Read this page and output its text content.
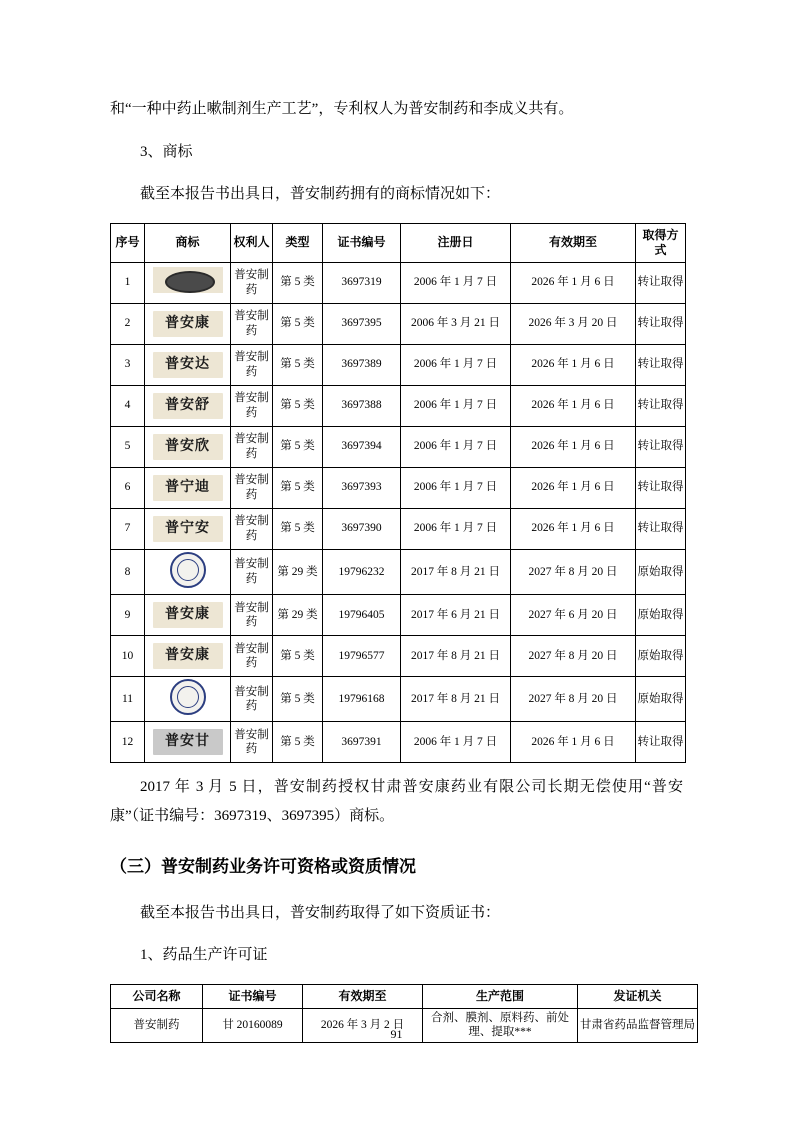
和“一种中药止嗽制剂生产工艺”，专利权人为普安制药和李成义共有。

3、商标

截至本报告书出具日，普安制药拥有的商标情况如下：

序号	商标	权利人	类型	证书编号	注册日	有效期至	取得方式
1		普安制药	第 5 类	3697319	2006 年 1 月 7 日	2026 年 1 月 6 日	转让取得
2	普安康	普安制药	第 5 类	3697395	2006 年 3 月 21 日	2026 年 3 月 20 日	转让取得
3	普安达	普安制药	第 5 类	3697389	2006 年 1 月 7 日	2026 年 1 月 6 日	转让取得
4	普安舒	普安制药	第 5 类	3697388	2006 年 1 月 7 日	2026 年 1 月 6 日	转让取得
5	普安欣	普安制药	第 5 类	3697394	2006 年 1 月 7 日	2026 年 1 月 6 日	转让取得
6	普宁迪	普安制药	第 5 类	3697393	2006 年 1 月 7 日	2026 年 1 月 6 日	转让取得
7	普宁安	普安制药	第 5 类	3697390	2006 年 1 月 7 日	2026 年 1 月 6 日	转让取得
8		普安制药	第 29 类	19796232	2017 年 8 月 21 日	2027 年 8 月 20 日	原始取得
9	普安康	普安制药	第 29 类	19796405	2017 年 6 月 21 日	2027 年 6 月 20 日	原始取得
10	普安康	普安制药	第 5 类	19796577	2017 年 8 月 21 日	2027 年 8 月 20 日	原始取得
11		普安制药	第 5 类	19796168	2017 年 8 月 21 日	2027 年 8 月 20 日	原始取得
12	普安甘	普安制药	第 5 类	3697391	2006 年 1 月 7 日	2026 年 1 月 6 日	转让取得

2017 年 3 月 5 日，普安制药授权甘肃普安康药业有限公司长期无偿使用“普安康”（证书编号：3697319、3697395）商标。

（三）普安制药业务许可资格或资质情况

截至本报告书出具日，普安制药取得了如下资质证书：

1、药品生产许可证

公司名称	证书编号	有效期至	生产范围	发证机关
普安制药	甘 20160089	2026 年 3 月 2 日	合剂、膜剂、原料药、前处理、提取***	甘肃省药品监督管理局
91
